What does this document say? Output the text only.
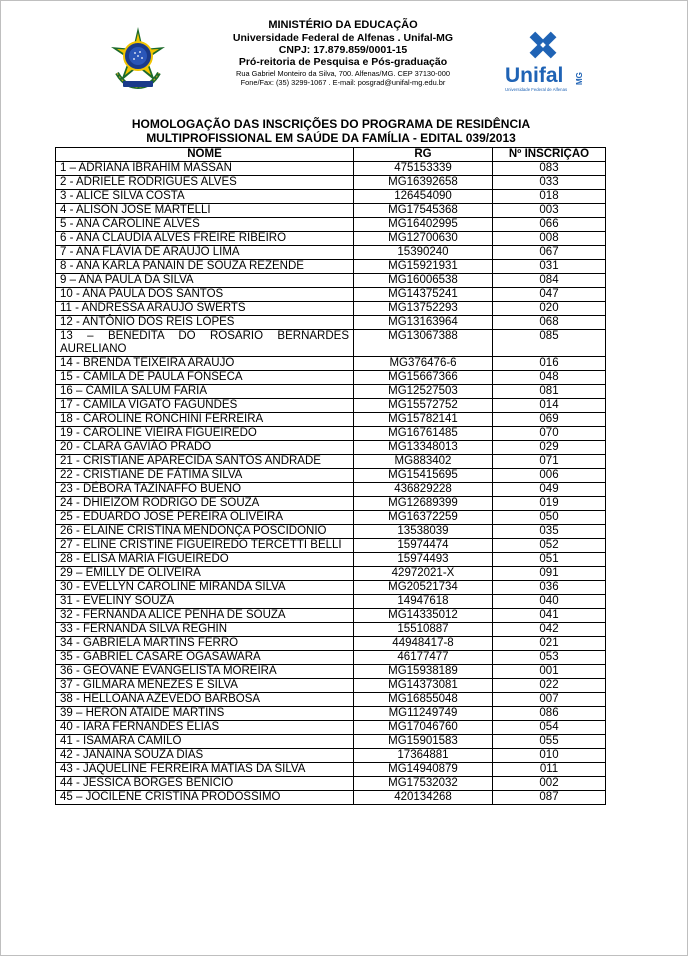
MINISTÉRIO DA EDUCAÇÃO
Universidade Federal de Alfenas . Unifal-MG
CNPJ: 17.879.859/0001-15
Pró-reitoria de Pesquisa e Pós-graduação
Rua Gabriel Monteiro da Silva, 700. Alfenas/MG. CEP 37130-000
Fone/Fax: (35) 3299-1067 . E-mail: posgrad@unifal-mg.edu.br	Unifal MG
Universidade Federal de Alfenas
HOMOLOGAÇÃO DAS INSCRIÇÕES DO PROGRAMA DE RESIDÊNCIA
MULTIPROFISSIONAL EM SAÚDE DA FAMÍLIA - EDITAL 039/2013
NOME	RG	Nº INSCRIÇÃO
1 – ADRIANA IBRAHIM MASSAN	475153339	083
2 - ADRIELE RODRIGUES ALVES	MG16392658	033
3 - ALICE SILVA COSTA	126454090	018
4 - ALISON JOSE MARTELLI	MG17545368	003
5 - ANA CAROLINE ALVES	MG16402995	066
6 - ANA CLAUDIA ALVES FREIRE RIBEIRO	MG12700630	008
7 - ANA FLÁVIA DE ARAUJO LIMA	15390240	067
8 - ANA KARLA PANAIN DE SOUZA REZENDE	MG15921931	031
9 – ANA PAULA DA SILVA	MG16006538	084
10 - ANA PAULA DOS SANTOS	MG14375241	047
11 - ANDRESSA ARAUJO SWERTS	MG13752293	020
12 - ANTÔNIO DOS REIS LOPES	MG13163964	068
13 – BENEDITA DO ROSARIO BERNARDES AURELIANO	MG13067388	085
14 - BRENDA TEIXEIRA ARAUJO	MG376476-6	016
15 - CAMILA DE PAULA FONSECA	MG15667366	048
16 – CAMILA SALUM FARIA	MG12527503	081
17 - CAMILA VIGATO FAGUNDES	MG15572752	014
18 - CAROLINE RONCHINI FERREIRA	MG15782141	069
19 - CAROLINE VIEIRA FIGUEIREDO	MG16761485	070
20 - CLARA GAVIÃO PRADO	MG13348013	029
21 - CRISTIANE APARECIDA SANTOS ANDRADE	MG883402	071
22 - CRISTIANE DE FÁTIMA SILVA	MG15415695	006
23 - DÉBORA TAZINAFFO BUENO	436829228	049
24 - DHIEIZOM RODRIGO DE SOUZA	MG12689399	019
25 - EDUARDO JOSÉ PEREIRA OLIVEIRA	MG16372259	050
26 - ELAINE CRISTINA MENDONÇA POSCIDONIO	13538039	035
27 - ELINE CRISTINE FIGUEIREDO TERCETTI BELLI	15974474	052
28 - ELISA MARIA FIGUEIREDO	15974493	051
29 – EMILLY DE OLIVEIRA	42972021-X	091
30 - EVELLYN CAROLINE MIRANDA SILVA	MG20521734	036
31 - EVELINY SOUZA	14947618	040
32 - FERNANDA ALICE PENHA DE SOUZA	MG14335012	041
33 - FERNANDA SILVA REGHIN	15510887	042
34 - GABRIELA MARTINS FERRO	44948417-8	021
35 - GABRIEL CASARE OGASAWARA	46177477	053
36 - GEOVANE EVANGELISTA MOREIRA	MG15938189	001
37 - GILMARA MENEZES E SILVA	MG14373081	022
38 - HELLOANA AZEVEDO BARBOSA	MG16855048	007
39 – HERON ATAIDE MARTINS	MG11249749	086
40 - IARA FERNANDES ELIAS	MG17046760	054
41 - ISAMARA CAMILO	MG15901583	055
42 - JANAINA SOUZA DIAS	17364881	010
43 - JAQUELINE FERREIRA MATIAS DA SILVA	MG14940879	011
44 - JESSICA BORGES BENICIO	MG17532032	002
45 – JOCILENE CRISTINA PRODOSSIMO	420134268	087
